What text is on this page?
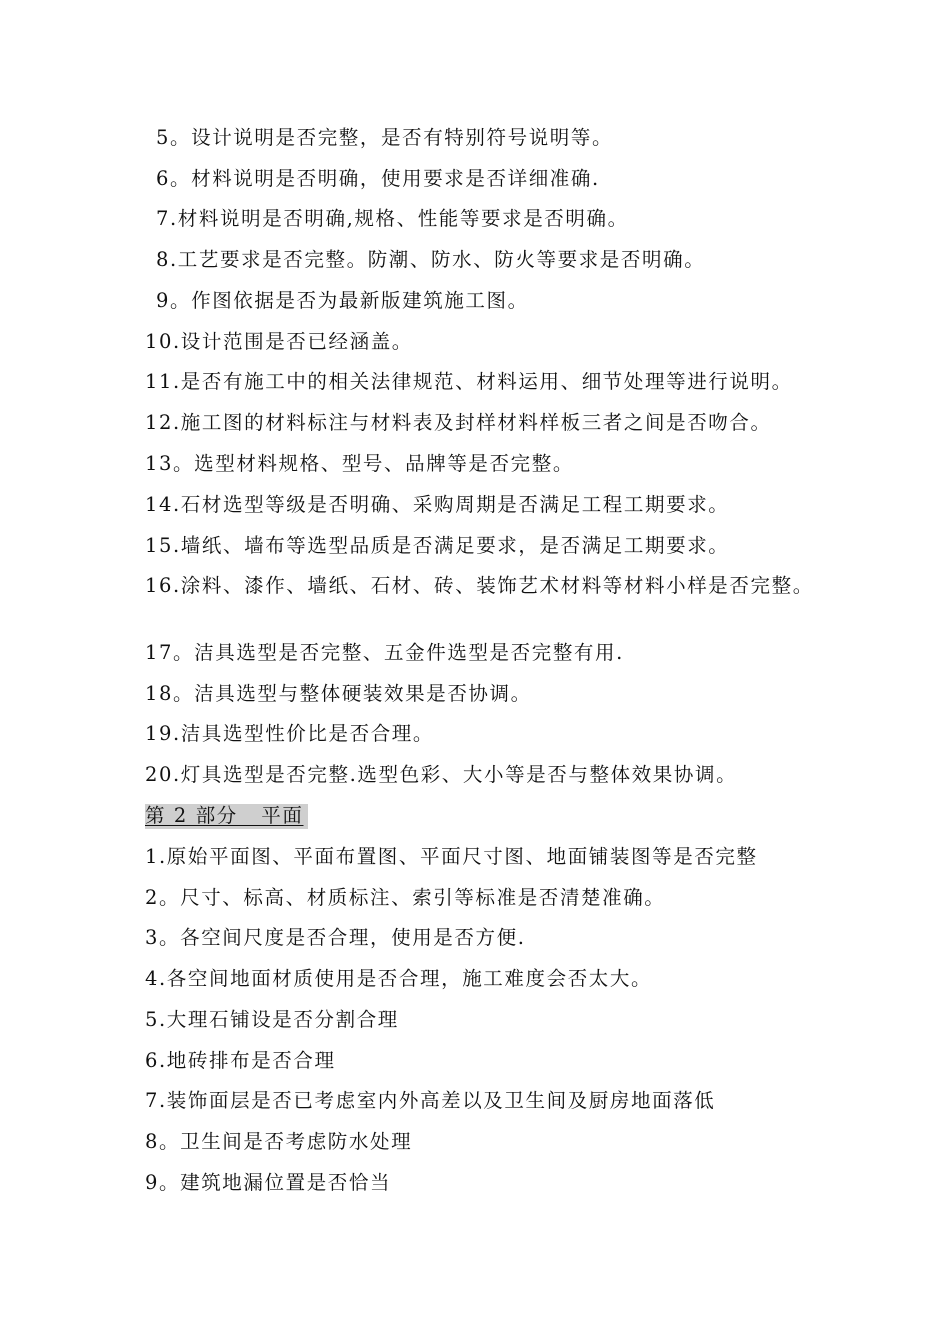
5。设计说明是否完整，是否有特别符号说明等。
6。材料说明是否明确，使用要求是否详细准确.
7.材料说明是否明确,规格、性能等要求是否明确。
8.工艺要求是否完整。防潮、防水、防火等要求是否明确。
9。作图依据是否为最新版建筑施工图。
10.设计范围是否已经涵盖。
11.是否有施工中的相关法律规范、材料运用、细节处理等进行说明。
12.施工图的材料标注与材料表及封样材料样板三者之间是否吻合。
13。选型材料规格、型号、品牌等是否完整。
14.石材选型等级是否明确、采购周期是否满足工程工期要求。
15.墙纸、墙布等选型品质是否满足要求，是否满足工期要求。
16.涂料、漆作、墙纸、石材、砖、装饰艺术材料等材料小样是否完整。
17。洁具选型是否完整、五金件选型是否完整有用.
18。洁具选型与整体硬装效果是否协调。
19.洁具选型性价比是否合理。
20.灯具选型是否完整.选型色彩、大小等是否与整体效果协调。
第 2 部分   平面
1.原始平面图、平面布置图、平面尺寸图、地面铺装图等是否完整
2。尺寸、标高、材质标注、索引等标准是否清楚准确。
3。各空间尺度是否合理，使用是否方便.
4.各空间地面材质使用是否合理，施工难度会否太大。
5.大理石铺设是否分割合理
6.地砖排布是否合理
7.装饰面层是否已考虑室内外高差以及卫生间及厨房地面落低
8。卫生间是否考虑防水处理
9。建筑地漏位置是否恰当
